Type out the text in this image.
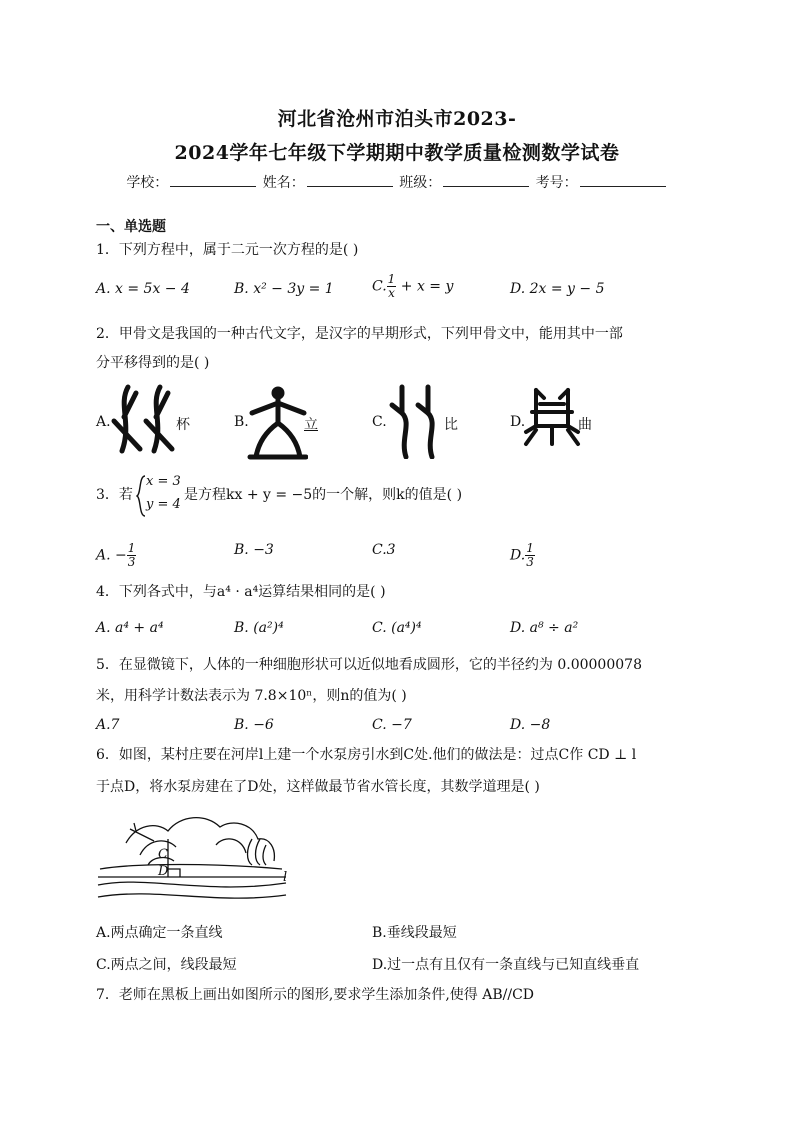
河北省沧州市泊头市2023-
2024学年七年级下学期期中教学质量检测数学试卷
学校：	姓名：	班级：	考号：
一、单选题
1．下列方程中，属于二元一次方程的是( )
A. x = 5x − 4	B. x² − 3y = 1	C. $\frac{1}{x} + x = y$	D. 2x = y − 5
2．甲骨文是我国的一种古代文字，是汉字的早期形式，下列甲骨文中，能用其中一部
分平移得到的是( )
A.	杯	B.	立	C.	比	D.	曲
3．若
x = 3
y = 4
是方程kx + y = −5的一个解，则k的值是( )
A. − $\frac{1}{3}$	B. −3	C.3	D. $\frac{1}{3}$
4．下列各式中，与a⁴ · a⁴运算结果相同的是( )
A. a⁴ + a⁴	B. (a²)⁴	C. (a⁴)⁴	D. a⁸ ÷ a²
5．在显微镜下，人体的一种细胞形状可以近似地看成圆形，它的半径约为 0.00000078
米，用科学计数法表示为 7.8×10ⁿ，则n的值为( )
A.7	B. −6	C. −7	D. −8
6．如图，某村庄要在河岸l上建一个水泵房引水到C处.他们的做法是：过点C作 CD ⊥ l
于点D，将水泵房建在了D处，这样做最节省水管长度，其数学道理是( )
C
D	l
A.两点确定一条直线	B.垂线段最短
C.两点之间，线段最短	D.过一点有且仅有一条直线与已知直线垂直
7．老师在黑板上画出如图所示的图形,要求学生添加条件,使得 AB//CD
